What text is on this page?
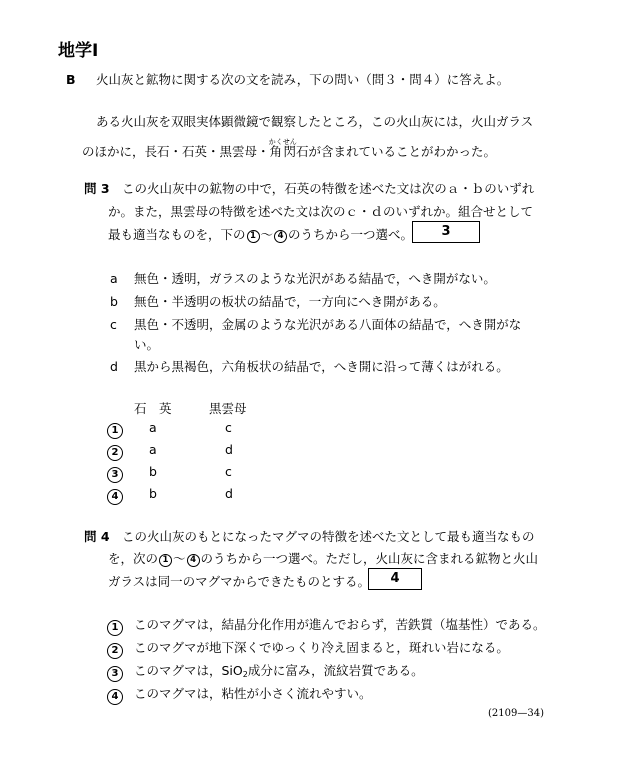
地学Ⅰ
B 火山灰と鉱物に関する次の文を読み，下の問い（問３・問４）に答えよ。
ある火山灰を双眼実体顕微鏡で観察したところ，この火山灰には，火山ガラス
のほかに，長石・石英・黒雲母・角閃かくせん石が含まれていることがわかった。
問 3 この火山灰中の鉱物の中で，石英の特徴を述べた文は次のａ・ｂのいずれ
か。また，黒雲母の特徴を述べた文は次のｃ・ｄのいずれか。組合せとして
最も適当なものを，下の 1 〜 4 のうちから一つ選べ。	3
a 無色・透明，ガラスのような光沢がある結晶で，へき開がない。
b 無色・半透明の板状の結晶で，一方向にへき開がある。
c 黒色・不透明，金属のような光沢がある八面体の結晶で，へき開がな
い。
d 黒から黒褐色，六角板状の結晶で，へき開に沿って薄くはがれる。
石　英	黒雲母
1	a	c
2	a	d
3	b	c
4	b	d
問 4 この火山灰のもとになったマグマの特徴を述べた文として最も適当なもの
を，次の 1 〜 4 のうちから一つ選べ。ただし，火山灰に含まれる鉱物と火山
ガラスは同一のマグマからできたものとする。	4
1	このマグマは，結晶分化作用が進んでおらず，苦鉄質（塩基性）である。
2	このマグマが地下深くでゆっくり冷え固まると，斑れい岩になる。
3	このマグマは，SiO$_2$成分に富み，流紋岩質である。
4	このマグマは，粘性が小さく流れやすい。
(2109—34)
